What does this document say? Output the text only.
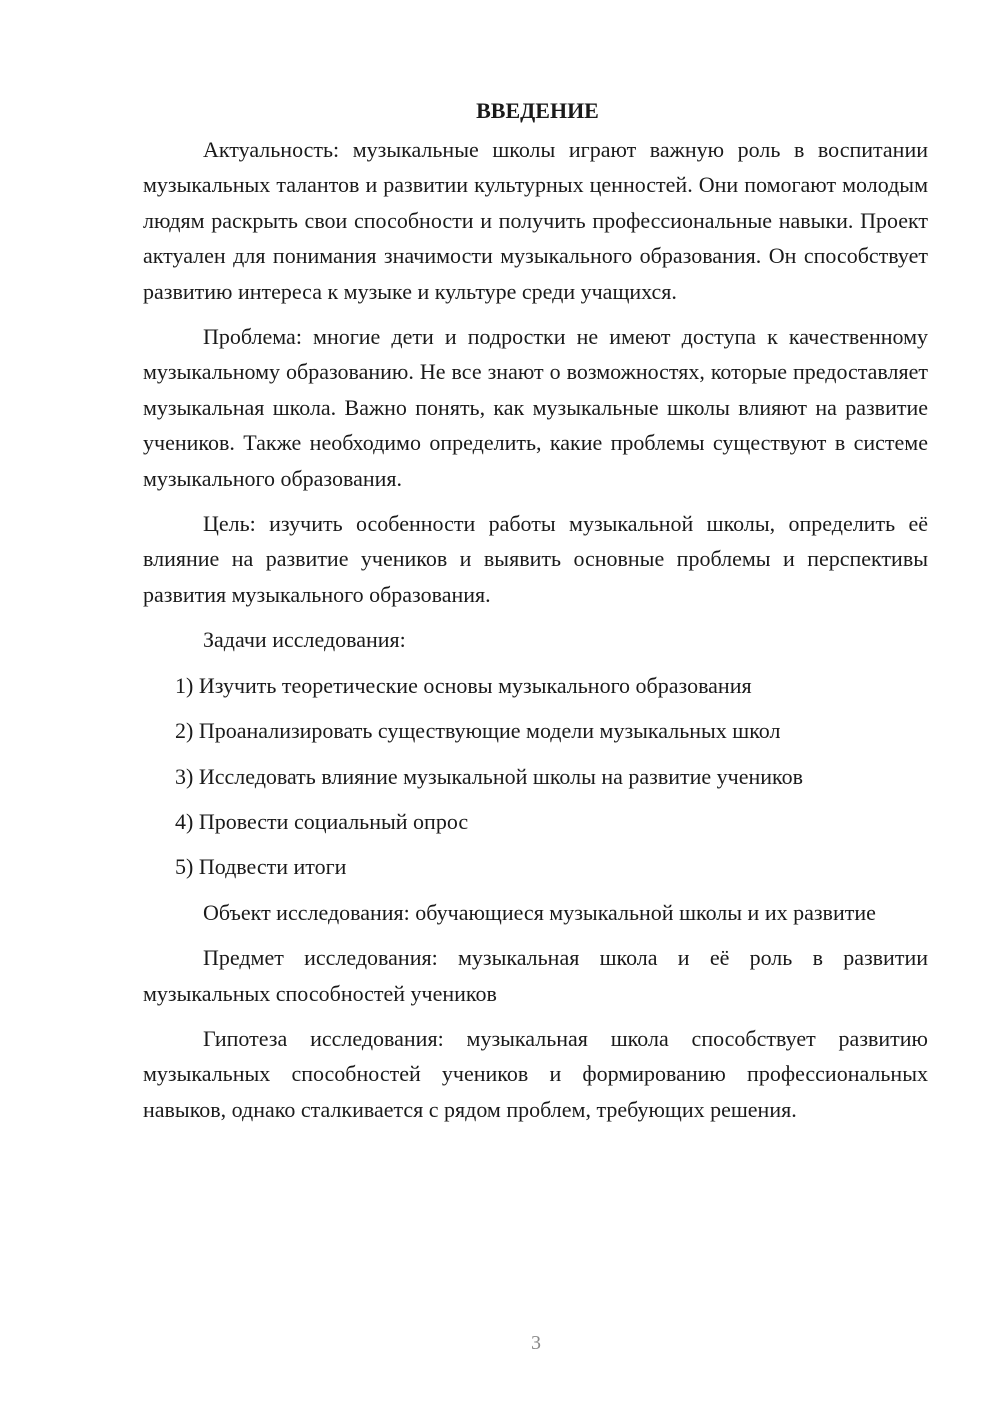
ВВЕДЕНИЕ

Актуальность: музыкальные школы играют важную роль в воспитании музыкальных талантов и развитии культурных ценностей. Они помогают молодым людям раскрыть свои способности и получить профессиональные навыки. Проект актуален для понимания значимости музыкального образования. Он способствует развитию интереса к музыке и культуре среди учащихся.

Проблема: многие дети и подростки не имеют доступа к качественному музыкальному образованию. Не все знают о возможностях, которые предоставляет музыкальная школа. Важно понять, как музыкальные школы влияют на развитие учеников. Также необходимо определить, какие проблемы существуют в системе музыкального образования.

Цель: изучить особенности работы музыкальной школы, определить её влияние на развитие учеников и выявить основные проблемы и перспективы развития музыкального образования.

Задачи исследования:
1) Изучить теоретические основы музыкального образования
2) Проанализировать существующие модели музыкальных школ
3) Исследовать влияние музыкальной школы на развитие учеников
4) Провести социальный опрос
5) Подвести итоги

Объект исследования: обучающиеся музыкальной школы и их развитие

Предмет исследования: музыкальная школа и её роль в развитии музыкальных способностей учеников

Гипотеза исследования: музыкальная школа способствует развитию музыкальных способностей учеников и формированию профессиональных навыков, однако сталкивается с рядом проблем, требующих решения.

3
